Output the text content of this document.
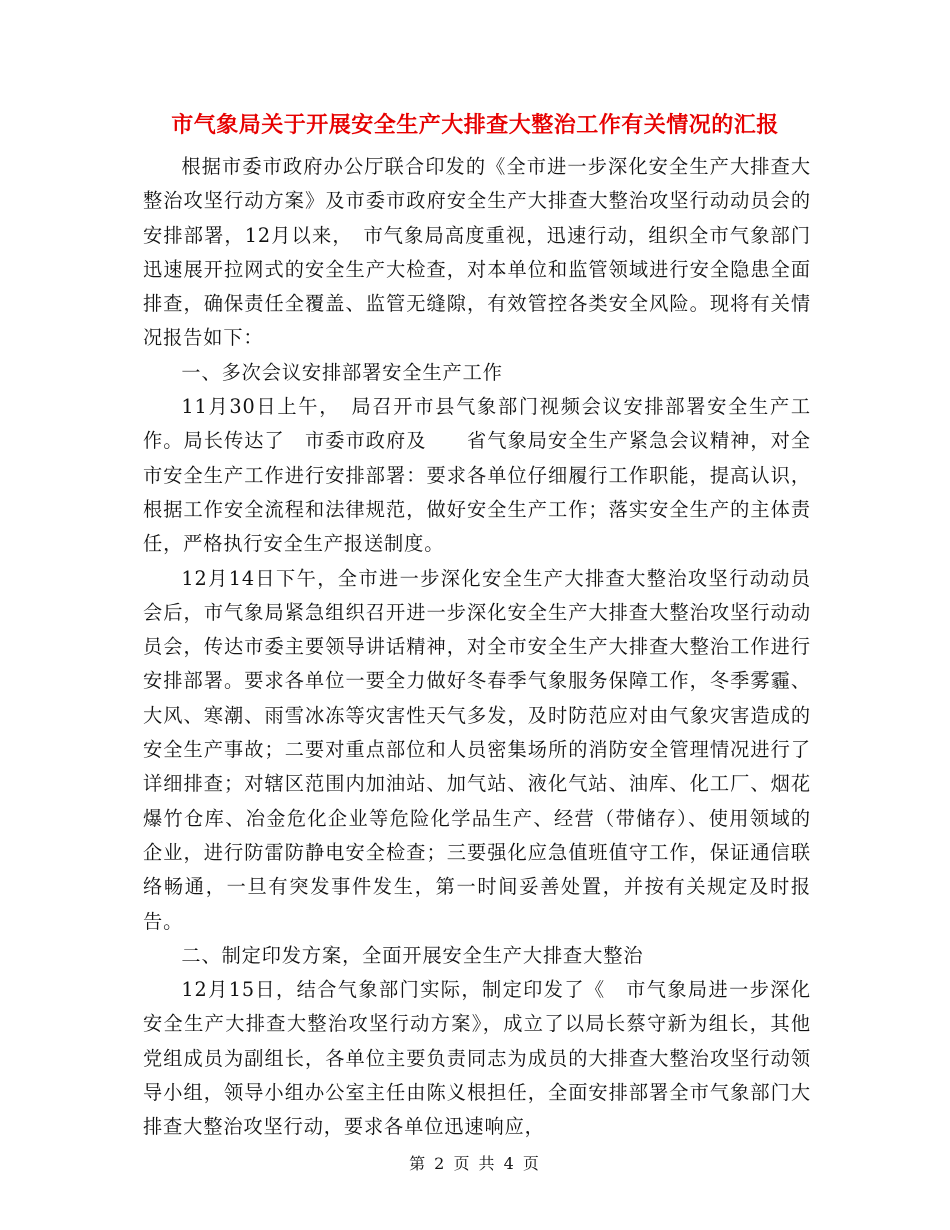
市气象局关于开展安全生产大排查大整治工作有关情况的汇报

根据市委市政府办公厅联合印发的《全市进一步深化安全生产大排查大整治攻坚行动方案》及市委市政府安全生产大排查大整治攻坚行动动员会的安排部署，12月以来，　市气象局高度重视，迅速行动，组织全市气象部门迅速展开拉网式的安全生产大检查，对本单位和监管领域进行安全隐患全面排查，确保责任全覆盖、监管无缝隙，有效管控各类安全风险。现将有关情况报告如下：

一、多次会议安排部署安全生产工作

11月30日上午，　局召开市县气象部门视频会议安排部署安全生产工作。局长传达了　市委市政府及　　省气象局安全生产紧急会议精神，对全市安全生产工作进行安排部署：要求各单位仔细履行工作职能，提高认识，根据工作安全流程和法律规范，做好安全生产工作；落实安全生产的主体责任，严格执行安全生产报送制度。

12月14日下午，全市进一步深化安全生产大排查大整治攻坚行动动员会后，市气象局紧急组织召开进一步深化安全生产大排查大整治攻坚行动动员会，传达市委主要领导讲话精神，对全市安全生产大排查大整治工作进行安排部署。要求各单位一要全力做好冬春季气象服务保障工作，冬季雾霾、大风、寒潮、雨雪冰冻等灾害性天气多发，及时防范应对由气象灾害造成的安全生产事故；二要对重点部位和人员密集场所的消防安全管理情况进行了详细排查；对辖区范围内加油站、加气站、液化气站、油库、化工厂、烟花爆竹仓库、冶金危化企业等危险化学品生产、经营（带储存）、使用领域的企业，进行防雷防静电安全检查；三要强化应急值班值守工作，保证通信联络畅通，一旦有突发事件发生，第一时间妥善处置，并按有关规定及时报告。

二、制定印发方案，全面开展安全生产大排查大整治

12月15日，结合气象部门实际，制定印发了《　市气象局进一步深化安全生产大排查大整治攻坚行动方案》，成立了以局长蔡守新为组长，其他党组成员为副组长，各单位主要负责同志为成员的大排查大整治攻坚行动领导小组，领导小组办公室主任由陈义根担任，全面安排部署全市气象部门大排查大整治攻坚行动，要求各单位迅速响应，

第 2 页 共 4 页
